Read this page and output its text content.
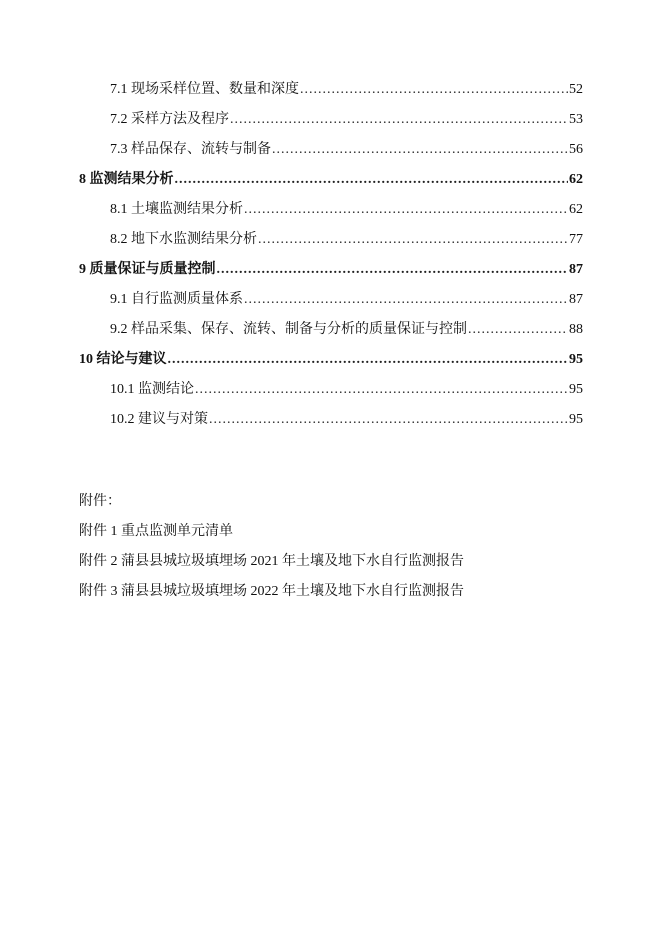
7.1 现场采样位置、数量和深度 .....	52
7.2 采样方法及程序 .....	53
7.3 样品保存、流转与制备 .....	56
8 监测结果分析 .....	62
8.1 土壤监测结果分析 .....	62
8.2 地下水监测结果分析 .....	77
9 质量保证与质量控制 .....	87
9.1 自行监测质量体系 .....	87
9.2 样品采集、保存、流转、制备与分析的质量保证与控制 .....	88
10 结论与建议 .....	95
10.1 监测结论 .....	95
10.2 建议与对策 .....	95
附件：
附件 1 重点监测单元清单
附件 2 蒲县县城垃圾填埋场 2021 年土壤及地下水自行监测报告
附件 3 蒲县县城垃圾填埋场 2022 年土壤及地下水自行监测报告
